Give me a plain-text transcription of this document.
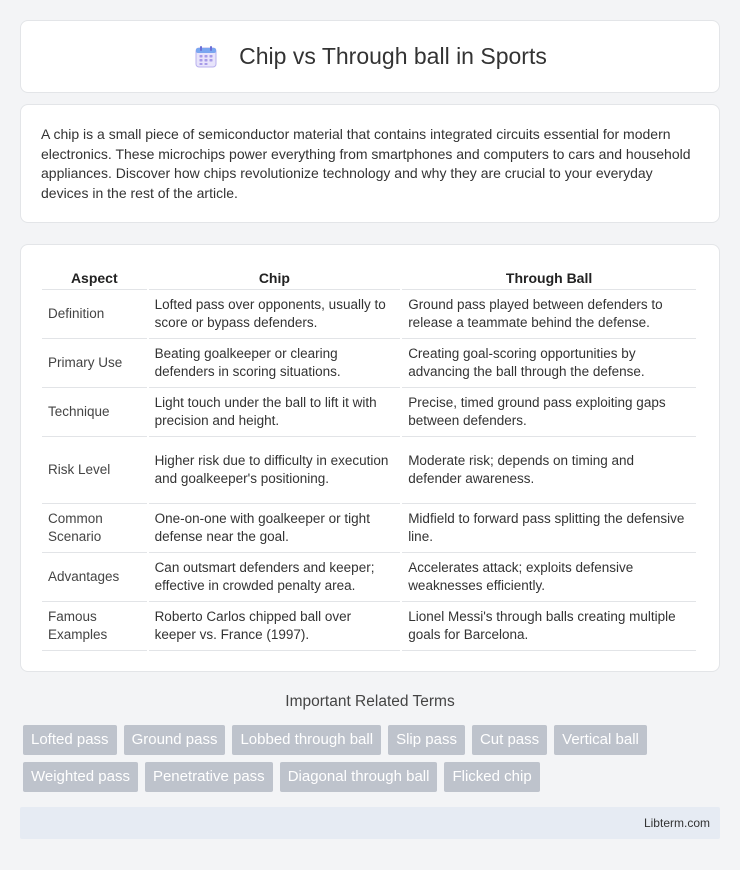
Chip vs Through ball in Sports

A chip is a small piece of semiconductor material that contains integrated circuits essential for modern electronics. These microchips power everything from smartphones and computers to cars and household appliances. Discover how chips revolutionize technology and why they are crucial to your everyday devices in the rest of the article.

Aspect	Chip	Through Ball
Definition	Lofted pass over opponents, usually to score or bypass defenders.	Ground pass played between defenders to release a teammate behind the defense.
Primary Use	Beating goalkeeper or clearing defenders in scoring situations.	Creating goal-scoring opportunities by advancing the ball through the defense.
Technique	Light touch under the ball to lift it with precision and height.	Precise, timed ground pass exploiting gaps between defenders.
Risk Level	Higher risk due to difficulty in execution and goalkeeper's positioning.	Moderate risk; depends on timing and defender awareness.
Common Scenario	One-on-one with goalkeeper or tight defense near the goal.	Midfield to forward pass splitting the defensive line.
Advantages	Can outsmart defenders and keeper; effective in crowded penalty area.	Accelerates attack; exploits defensive weaknesses efficiently.
Famous Examples	Roberto Carlos chipped ball over keeper vs. France (1997).	Lionel Messi's through balls creating multiple goals for Barcelona.
Important Related Terms
Lofted pass	Ground pass	Lobbed through ball	Slip pass	Cut pass	Vertical ball
Weighted pass	Penetrative pass	Diagonal through ball	Flicked chip
Libterm.com
